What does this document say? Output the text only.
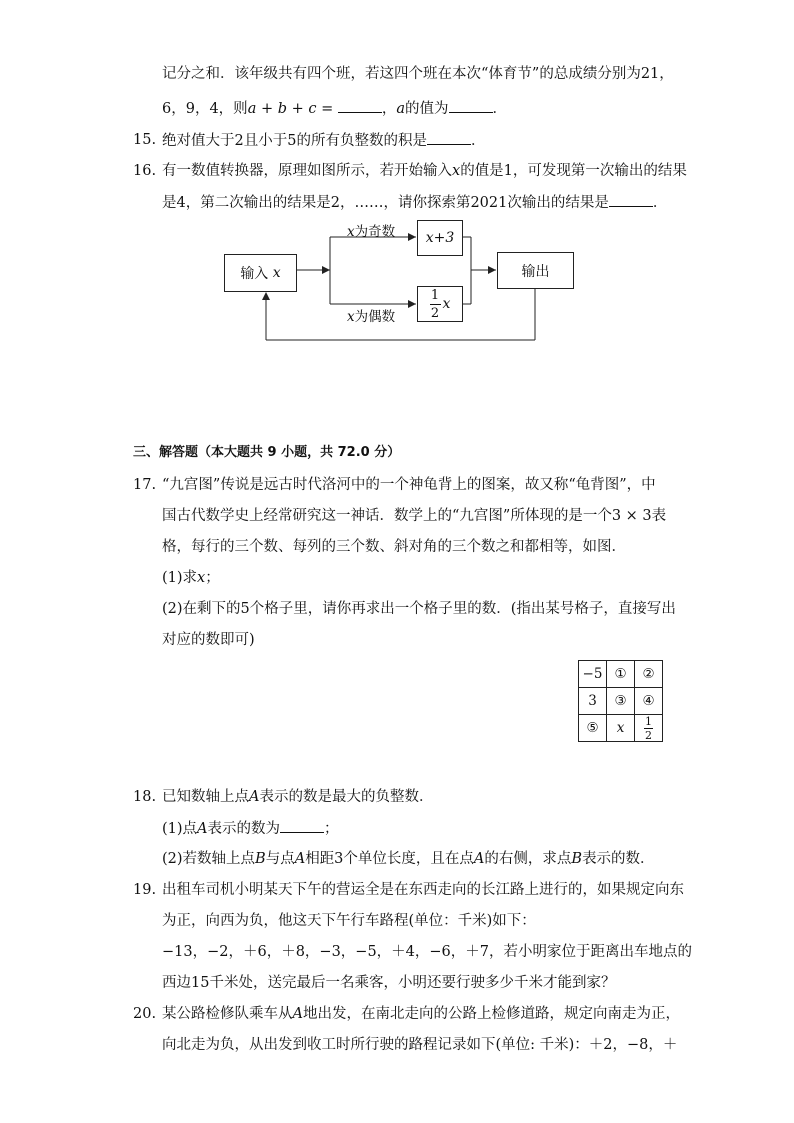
记分之和．该年级共有四个班，若这四个班在本次“体育节”的总成绩分别为21，
6，9，4，则a + b + c =	，a的值为	．
15. 绝对值大于2且小于5的所有负整数的积是	．
16. 有一数值转换器，原理如图所示，若开始输入x的值是1，可发现第一次输出的结果
是4，第二次输出的结果是2，……，请你探索第2021次输出的结果是	．
输入
x
x为奇数 x+3
$\frac{1}{2}$ x
x为偶数
输出
三、解答题（本大题共 9 小题，共 72.0 分）
17. “九宫图”传说是远古时代洛河中的一个神龟背上的图案，故又称“龟背图”，中
国古代数学史上经常研究这一神话．数学上的“九宫图”所体现的是一个3 × 3表
格，每行的三个数、每列的三个数、斜对角的三个数之和都相等，如图．
(1)求x；
(2)在剩下的5个格子里，请你再求出一个格子里的数．(指出某号格子，直接写出
对应的数即可)
−5	①	②
3	③	④
⑤	x	$\frac{1}{2}$
18. 已知数轴上点A表示的数是最大的负整数．
(1)点A表示的数为	；
(2)若数轴上点B与点A相距3个单位长度，且在点A的右侧，求点B表示的数．
19. 出租车司机小明某天下午的营运全是在东西走向的长江路上进行的，如果规定向东
为正，向西为负，他这天下午行车路程(单位：千米)如下：
−13，−2，＋6，＋8，−3，−5，＋4，−6，＋7，若小明家位于距离出车地点的
西边15千米处，送完最后一名乘客，小明还要行驶多少千米才能到家？
20. 某公路检修队乘车从A地出发，在南北走向的公路上检修道路，规定向南走为正，
向北走为负，从出发到收工时所行驶的路程记录如下(单位: 千米)：＋2，−8，＋
